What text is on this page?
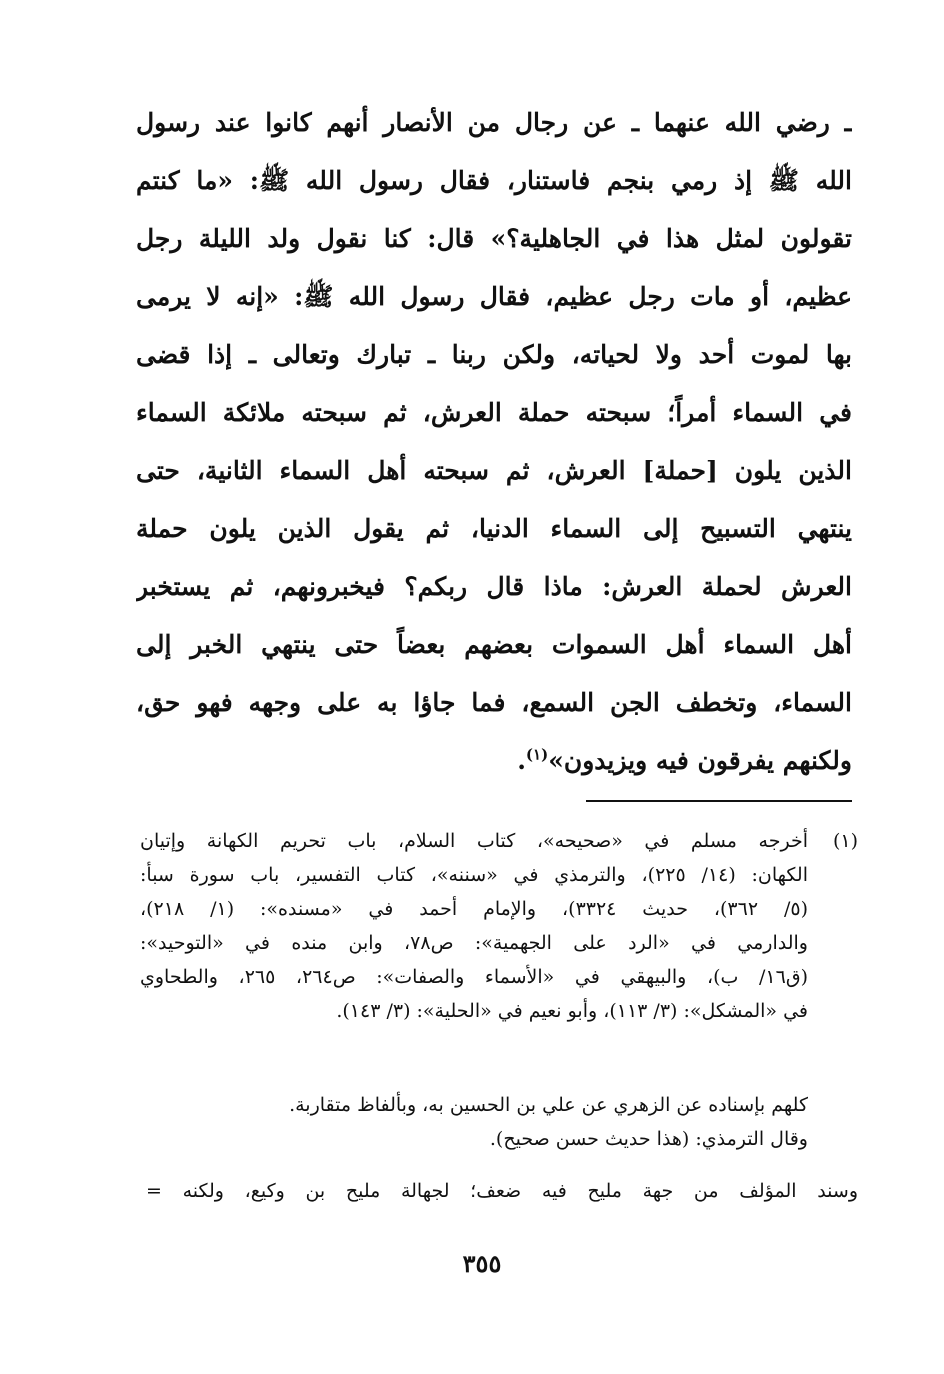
ـ رضي الله عنهما ـ عن رجال من الأنصار أنهم كانوا عند رسول
الله ﷺ إذ رمي بنجم فاستنار، فقال رسول الله ﷺ: «ما كنتم
تقولون لمثل هذا في الجاهلية؟» قال: كنا نقول ولد الليلة رجل
عظيم، أو مات رجل عظيم، فقال رسول الله ﷺ: «إنه لا يرمى
بها لموت أحد ولا لحياته، ولكن ربنا ـ تبارك وتعالى ـ إذا قضى
في السماء أمراً؛ سبحته حملة العرش، ثم سبحته ملائكة السماء
الذين يلون [حملة] العرش، ثم سبحته أهل السماء الثانية، حتى
ينتهي التسبيح إلى السماء الدنيا، ثم يقول الذين يلون حملة
العرش لحملة العرش: ماذا قال ربكم؟ فيخبرونهم، ثم يستخبر
أهل السماء أهل السموات بعضهم بعضاً حتى ينتهي الخبر إلى
السماء، وتخطف الجن السمع، فما جاؤا به على وجهه فهو حق،
ولكنهم يفرقون فيه ويزيدون»$^{(١)}$.
(١)
أخرجه مسلم في «صحيحه»، كتاب السلام، باب تحريم الكهانة وإتيان
الكهان: (١٤/ ٢٢٥)، والترمذي في «سننه»، كتاب التفسير، باب سورة سبأ:
(٥/ ٣٦٢)، حديث ٣٣٢٤)، والإمام أحمد في «مسنده»: (١/ ٢١٨)،
والدارمي في «الرد على الجهمية»: ص٧٨، وابن منده في «التوحيد»:
(ق١٦/ ب)، والبيهقي في «الأسماء والصفات»: ص٢٦٤، ٢٦٥، والطحاوي
في «المشكل»: (٣/ ١١٣)، وأبو نعيم في «الحلية»: (٣/ ١٤٣).
كلهم بإسناده عن الزهري عن علي بن الحسين به، وبألفاظ متقاربة.
وقال الترمذي: (هذا حديث حسن صحيح).
وسند المؤلف من جهة مليح فيه ضعف؛ لجهالة مليح بن وكيع، ولكنه =
٣٥٥
